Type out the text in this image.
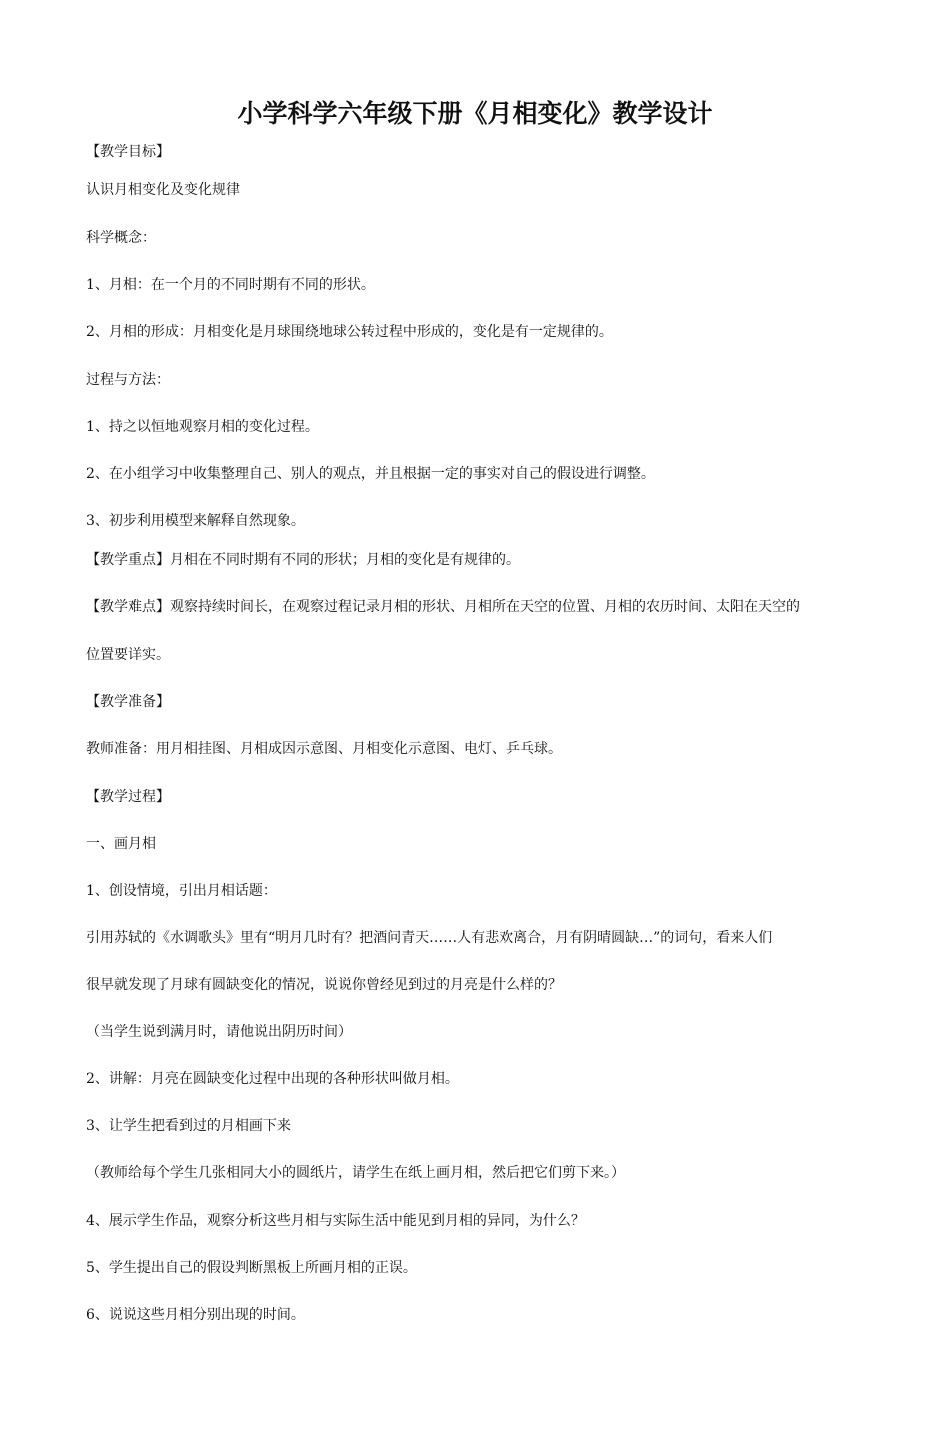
小学科学六年级下册《月相变化》教学设计
【教学目标】
认识月相变化及变化规律
科学概念：
1、月相：在一个月的不同时期有不同的形状。
2、月相的形成：月相变化是月球围绕地球公转过程中形成的，变化是有一定规律的。
过程与方法：
1、持之以恒地观察月相的变化过程。
2、在小组学习中收集整理自己、别人的观点，并且根据一定的事实对自己的假设进行调整。
3、初步利用模型来解释自然现象。
【教学重点】月相在不同时期有不同的形状；月相的变化是有规律的。
【教学难点】观察持续时间长，在观察过程记录月相的形状、月相所在天空的位置、月相的农历时间、太阳在天空的
位置要详实。
【教学准备】
教师准备：用月相挂图、月相成因示意图、月相变化示意图、电灯、乒乓球。
【教学过程】
一、画月相
1、创设情境，引出月相话题：
引用苏轼的《水调歌头》里有“明月几时有？把酒问青天……人有悲欢离合，月有阴晴圆缺…”的词句，看来人们
很早就发现了月球有圆缺变化的情况，说说你曾经见到过的月亮是什么样的？
（当学生说到满月时，请他说出阴历时间）
2、讲解：月亮在圆缺变化过程中出现的各种形状叫做月相。
3、让学生把看到过的月相画下来
（教师给每个学生几张相同大小的圆纸片，请学生在纸上画月相，然后把它们剪下来。）
4、展示学生作品，观察分析这些月相与实际生活中能见到月相的异同，为什么？
5、学生提出自己的假设判断黑板上所画月相的正误。
6、说说这些月相分别出现的时间。
